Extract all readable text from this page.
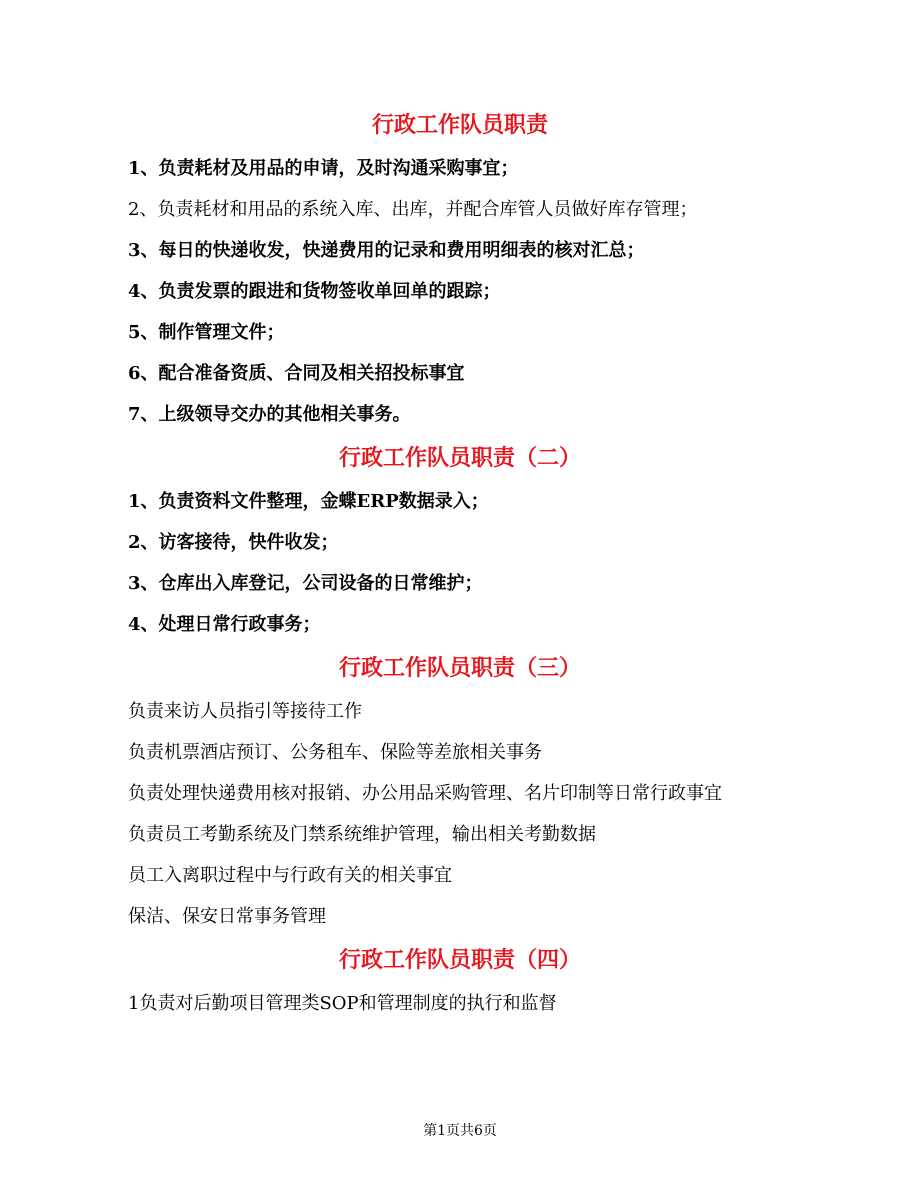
行政工作队员职责
1、负责耗材及用品的申请，及时沟通采购事宜；
2、负责耗材和用品的系统入库、出库，并配合库管人员做好库存管理；
3、每日的快递收发，快递费用的记录和费用明细表的核对汇总；
4、负责发票的跟进和货物签收单回单的跟踪；
5、制作管理文件；
6、配合准备资质、合同及相关招投标事宜
7、上级领导交办的其他相关事务。
行政工作队员职责（二）
1、负责资料文件整理，金蝶ERP数据录入；
2、访客接待，快件收发；
3、仓库出入库登记，公司设备的日常维护；
4、处理日常行政事务；
行政工作队员职责（三）
负责来访人员指引等接待工作
负责机票酒店预订、公务租车、保险等差旅相关事务
负责处理快递费用核对报销、办公用品采购管理、名片印制等日常行政事宜
负责员工考勤系统及门禁系统维护管理，输出相关考勤数据
员工入离职过程中与行政有关的相关事宜
保洁、保安日常事务管理
行政工作队员职责（四）
1负责对后勤项目管理类SOP和管理制度的执行和监督
第1页共6页
